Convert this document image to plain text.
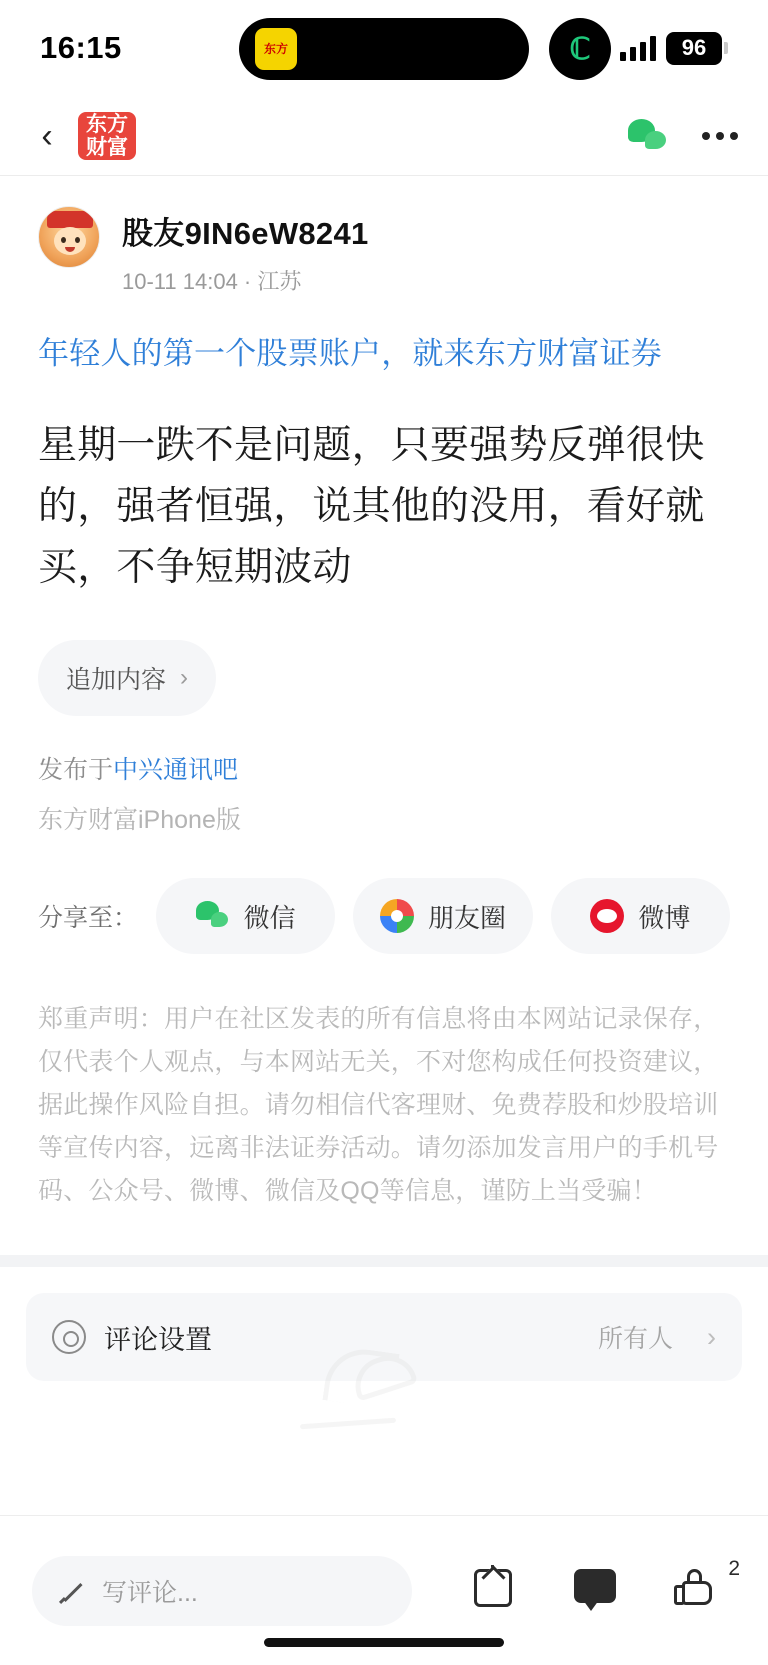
16:15	东方	ℂ	96
‹	东方
财富
股友9IN6eW8241
10-11 14:04 · 江苏
年轻人的第一个股票账户，就来东方财富证券
星期一跌不是问题，只要强势反弹很快的，强者恒强，说其他的没用，看好就买，不争短期波动
追加内容 ›
发布于中兴通讯吧
东方财富iPhone版
分享至：	微信	朋友圈	微博
郑重声明：用户在社区发表的所有信息将由本网站记录保存，仅代表个人观点，与本网站无关，不对您构成任何投资建议，据此操作风险自担。请勿相信代客理财、免费荐股和炒股培训等宣传内容，远离非法证券活动。请勿添加发言用户的手机号码、公众号、微博、微信及QQ等信息，谨防上当受骗！
评论设置	所有人 ›
写评论...
2
